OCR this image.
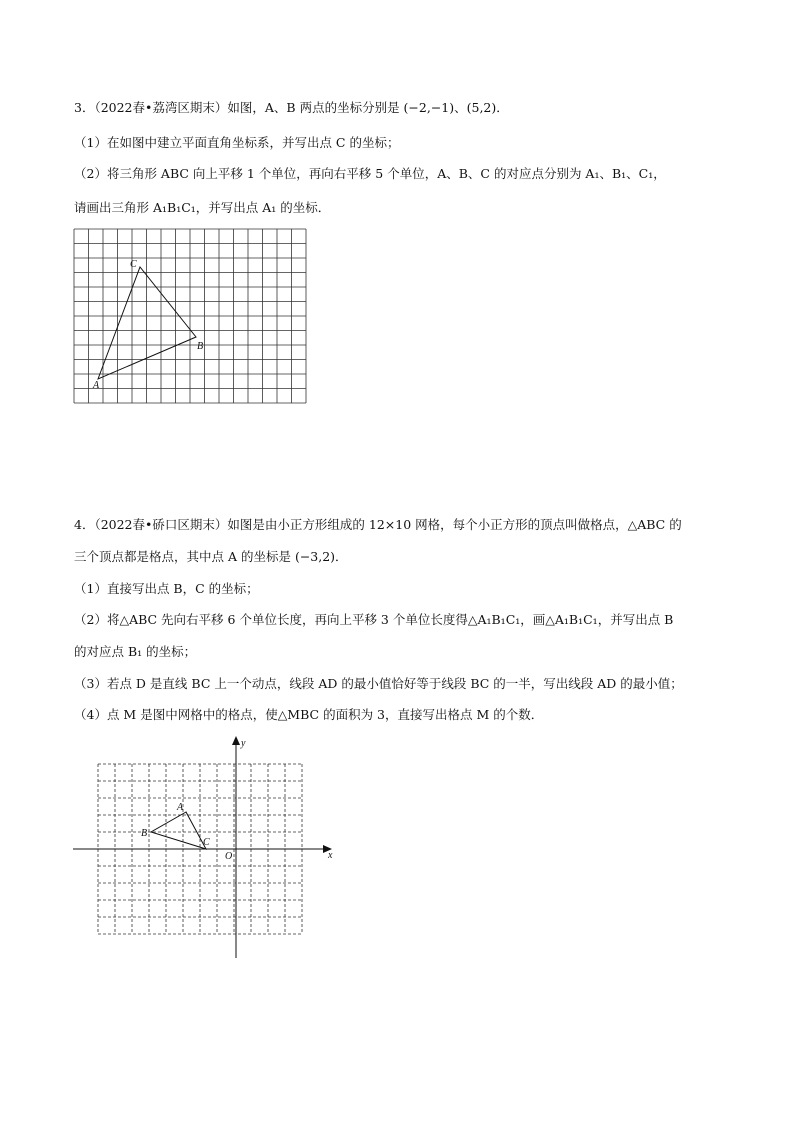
3．（2022春•荔湾区期末）如图，A、B 两点的坐标分别是 (−2,−1)、(5,2)．
（1）在如图中建立平面直角坐标系，并写出点 C 的坐标；
（2）将三角形 ABC 向上平移 1 个单位，再向右平移 5 个单位，A、B、C 的对应点分别为 A₁、B₁、C₁，
请画出三角形 A₁B₁C₁，并写出点 A₁ 的坐标．
A
B
C
4．（2022春•硚口区期末）如图是由小正方形组成的 12×10 网格，每个小正方形的顶点叫做格点，△ABC 的
三个顶点都是格点，其中点 A 的坐标是 (−3,2)．
（1）直接写出点 B，C 的坐标；
（2）将△ABC 先向右平移 6 个单位长度，再向上平移 3 个单位长度得△A₁B₁C₁，画△A₁B₁C₁，并写出点 B
的对应点 B₁ 的坐标；
（3）若点 D 是直线 BC 上一个动点，线段 AD 的最小值恰好等于线段 BC 的一半，写出线段 AD 的最小值；
（4）点 M 是图中网格中的格点，使△MBC 的面积为 3，直接写出格点 M 的个数．
A
B
C
O	x
y
